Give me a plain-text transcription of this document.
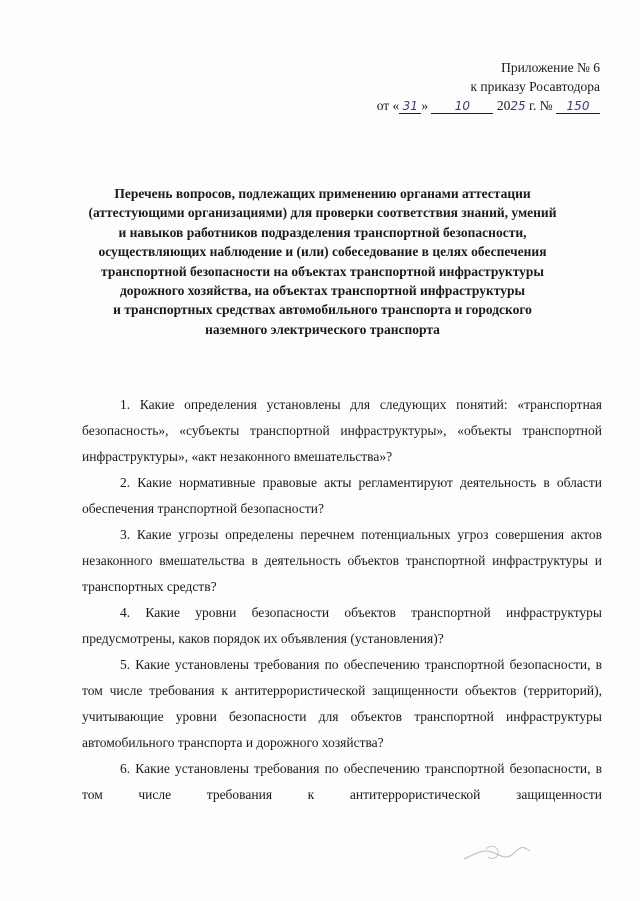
Приложение № 6
к приказу Росавтодора
от « 31 » 10 2025 г. № 150
Перечень вопросов, подлежащих применению органами аттестации
(аттестующими организациями) для проверки соответствия знаний, умений
и навыков работников подразделения транспортной безопасности,
осуществляющих наблюдение и (или) собеседование в целях обеспечения
транспортной безопасности на объектах транспортной инфраструктуры
дорожного хозяйства, на объектах транспортной инфраструктуры
и транспортных средствах автомобильного транспорта и городского
наземного электрического транспорта

1. Какие определения установлены для следующих понятий: «транспортная безопасность», «субъекты транспортной инфраструктуры», «объекты транспортной инфраструктуры», «акт незаконного вмешательства»?

2. Какие нормативные правовые акты регламентируют деятельность в области обеспечения транспортной безопасности?

3. Какие угрозы определены перечнем потенциальных угроз совершения актов незаконного вмешательства в деятельность объектов транспортной инфраструктуры и транспортных средств?

4. Какие уровни безопасности объектов транспортной инфраструктуры предусмотрены, каков порядок их объявления (установления)?

5. Какие установлены требования по обеспечению транспортной безопасности, в том числе требования к антитеррористической защищенности объектов (территорий), учитывающие уровни безопасности для объектов транспортной инфраструктуры автомобильного транспорта и дорожного хозяйства?

6. Какие установлены требования по обеспечению транспортной безопасности, в том числе требования к антитеррористической защищенности
